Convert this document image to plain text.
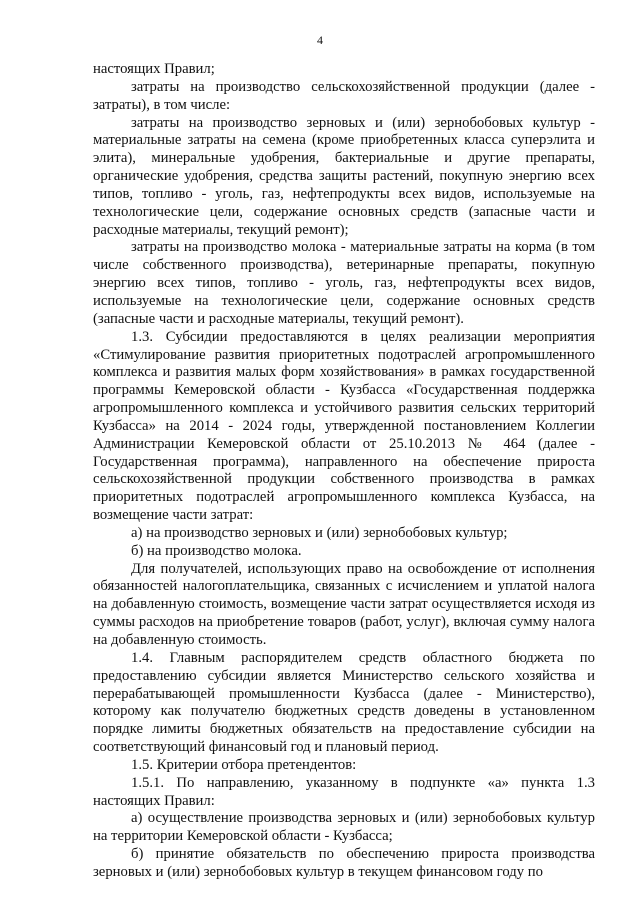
4

настоящих Правил;

затраты на производство сельскохозяйственной продукции (далее - затраты), в том числе:

затраты на производство зерновых и (или) зернобобовых культур - материальные затраты на семена (кроме приобретенных класса суперэлита и элита), минеральные удобрения, бактериальные и другие препараты, органические удобрения, средства защиты растений, покупную энергию всех типов, топливо - уголь, газ, нефтепродукты всех видов, используемые на технологические цели, содержание основных средств (запасные части и расходные материалы, текущий ремонт);

затраты на производство молока - материальные затраты на корма (в том числе собственного производства), ветеринарные препараты, покупную энергию всех типов, топливо - уголь, газ, нефтепродукты всех видов, используемые на технологические цели, содержание основных средств (запасные части и расходные материалы, текущий ремонт).

1.3. Субсидии предоставляются в целях реализации мероприятия «Стимулирование развития приоритетных подотраслей агропромышленного комплекса и развития малых форм хозяйствования» в рамках государственной программы Кемеровской области - Кузбасса «Государственная поддержка агропромышленного комплекса и устойчивого развития сельских территорий Кузбасса» на 2014 - 2024 годы, утвержденной постановлением Коллегии Администрации Кемеровской области от 25.10.2013 № 464 (далее - Государственная программа), направленного на обеспечение прироста сельскохозяйственной продукции собственного производства в рамках приоритетных подотраслей агропромышленного комплекса Кузбасса, на возмещение части затрат:

а) на производство зерновых и (или) зернобобовых культур;

б) на производство молока.

Для получателей, использующих право на освобождение от исполнения обязанностей налогоплательщика, связанных с исчислением и уплатой налога на добавленную стоимость, возмещение части затрат осуществляется исходя из суммы расходов на приобретение товаров (работ, услуг), включая сумму налога на добавленную стоимость.

1.4. Главным распорядителем средств областного бюджета по предоставлению субсидии является Министерство сельского хозяйства и перерабатывающей промышленности Кузбасса (далее - Министерство), которому как получателю бюджетных средств доведены в установленном порядке лимиты бюджетных обязательств на предоставление субсидии на соответствующий финансовый год и плановый период.

1.5. Критерии отбора претендентов:

1.5.1. По направлению, указанному в подпункте «а» пункта 1.3 настоящих Правил:

а) осуществление производства зерновых и (или) зернобобовых культур на территории Кемеровской области - Кузбасса;

б) принятие обязательств по обеспечению прироста производства зерновых и (или) зернобобовых культур в текущем финансовом году по
